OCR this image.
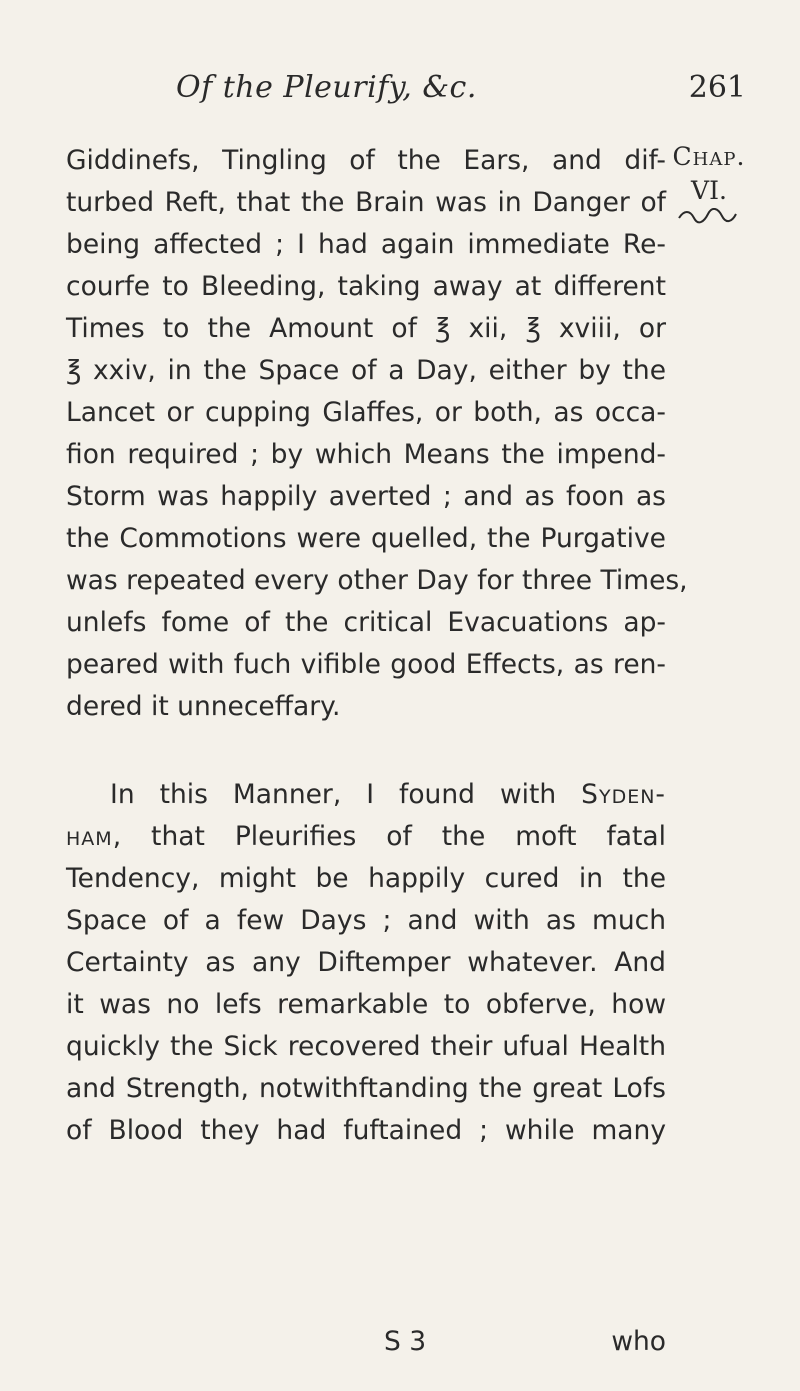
Of the Pleurify, &c.	261
Chap.
VI.
Giddinefs, Tingling of the Ears, and dif-
turbed Reft, that the Brain was in Danger of
being affected ; I had again immediate Re-
courfe to Bleeding, taking away at different
Times to the Amount of ℥ xii, ℥ xviii, or
℥ xxiv, in the Space of a Day, either by the
Lancet or cupping Glaffes, or both, as occa-
fion required ; by which Means the impend-
Storm was happily averted ; and as foon as
the Commotions were quelled, the Purgative
was repeated every other Day for three Times,
unlefs fome of the critical Evacuations ap-
peared with fuch vifible good Effects, as ren-
dered it unneceffary.
In this Manner, I found with Syden-
ham, that Pleurifies of the moft fatal
Tendency, might be happily cured in the
Space of a few Days ; and with as much
Certainty as any Diftemper whatever. And
it was no lefs remarkable to obferve, how
quickly the Sick recovered their ufual Health
and Strength, notwithftanding the great Lofs
of Blood they had fuftained ; while many
S 3	who
